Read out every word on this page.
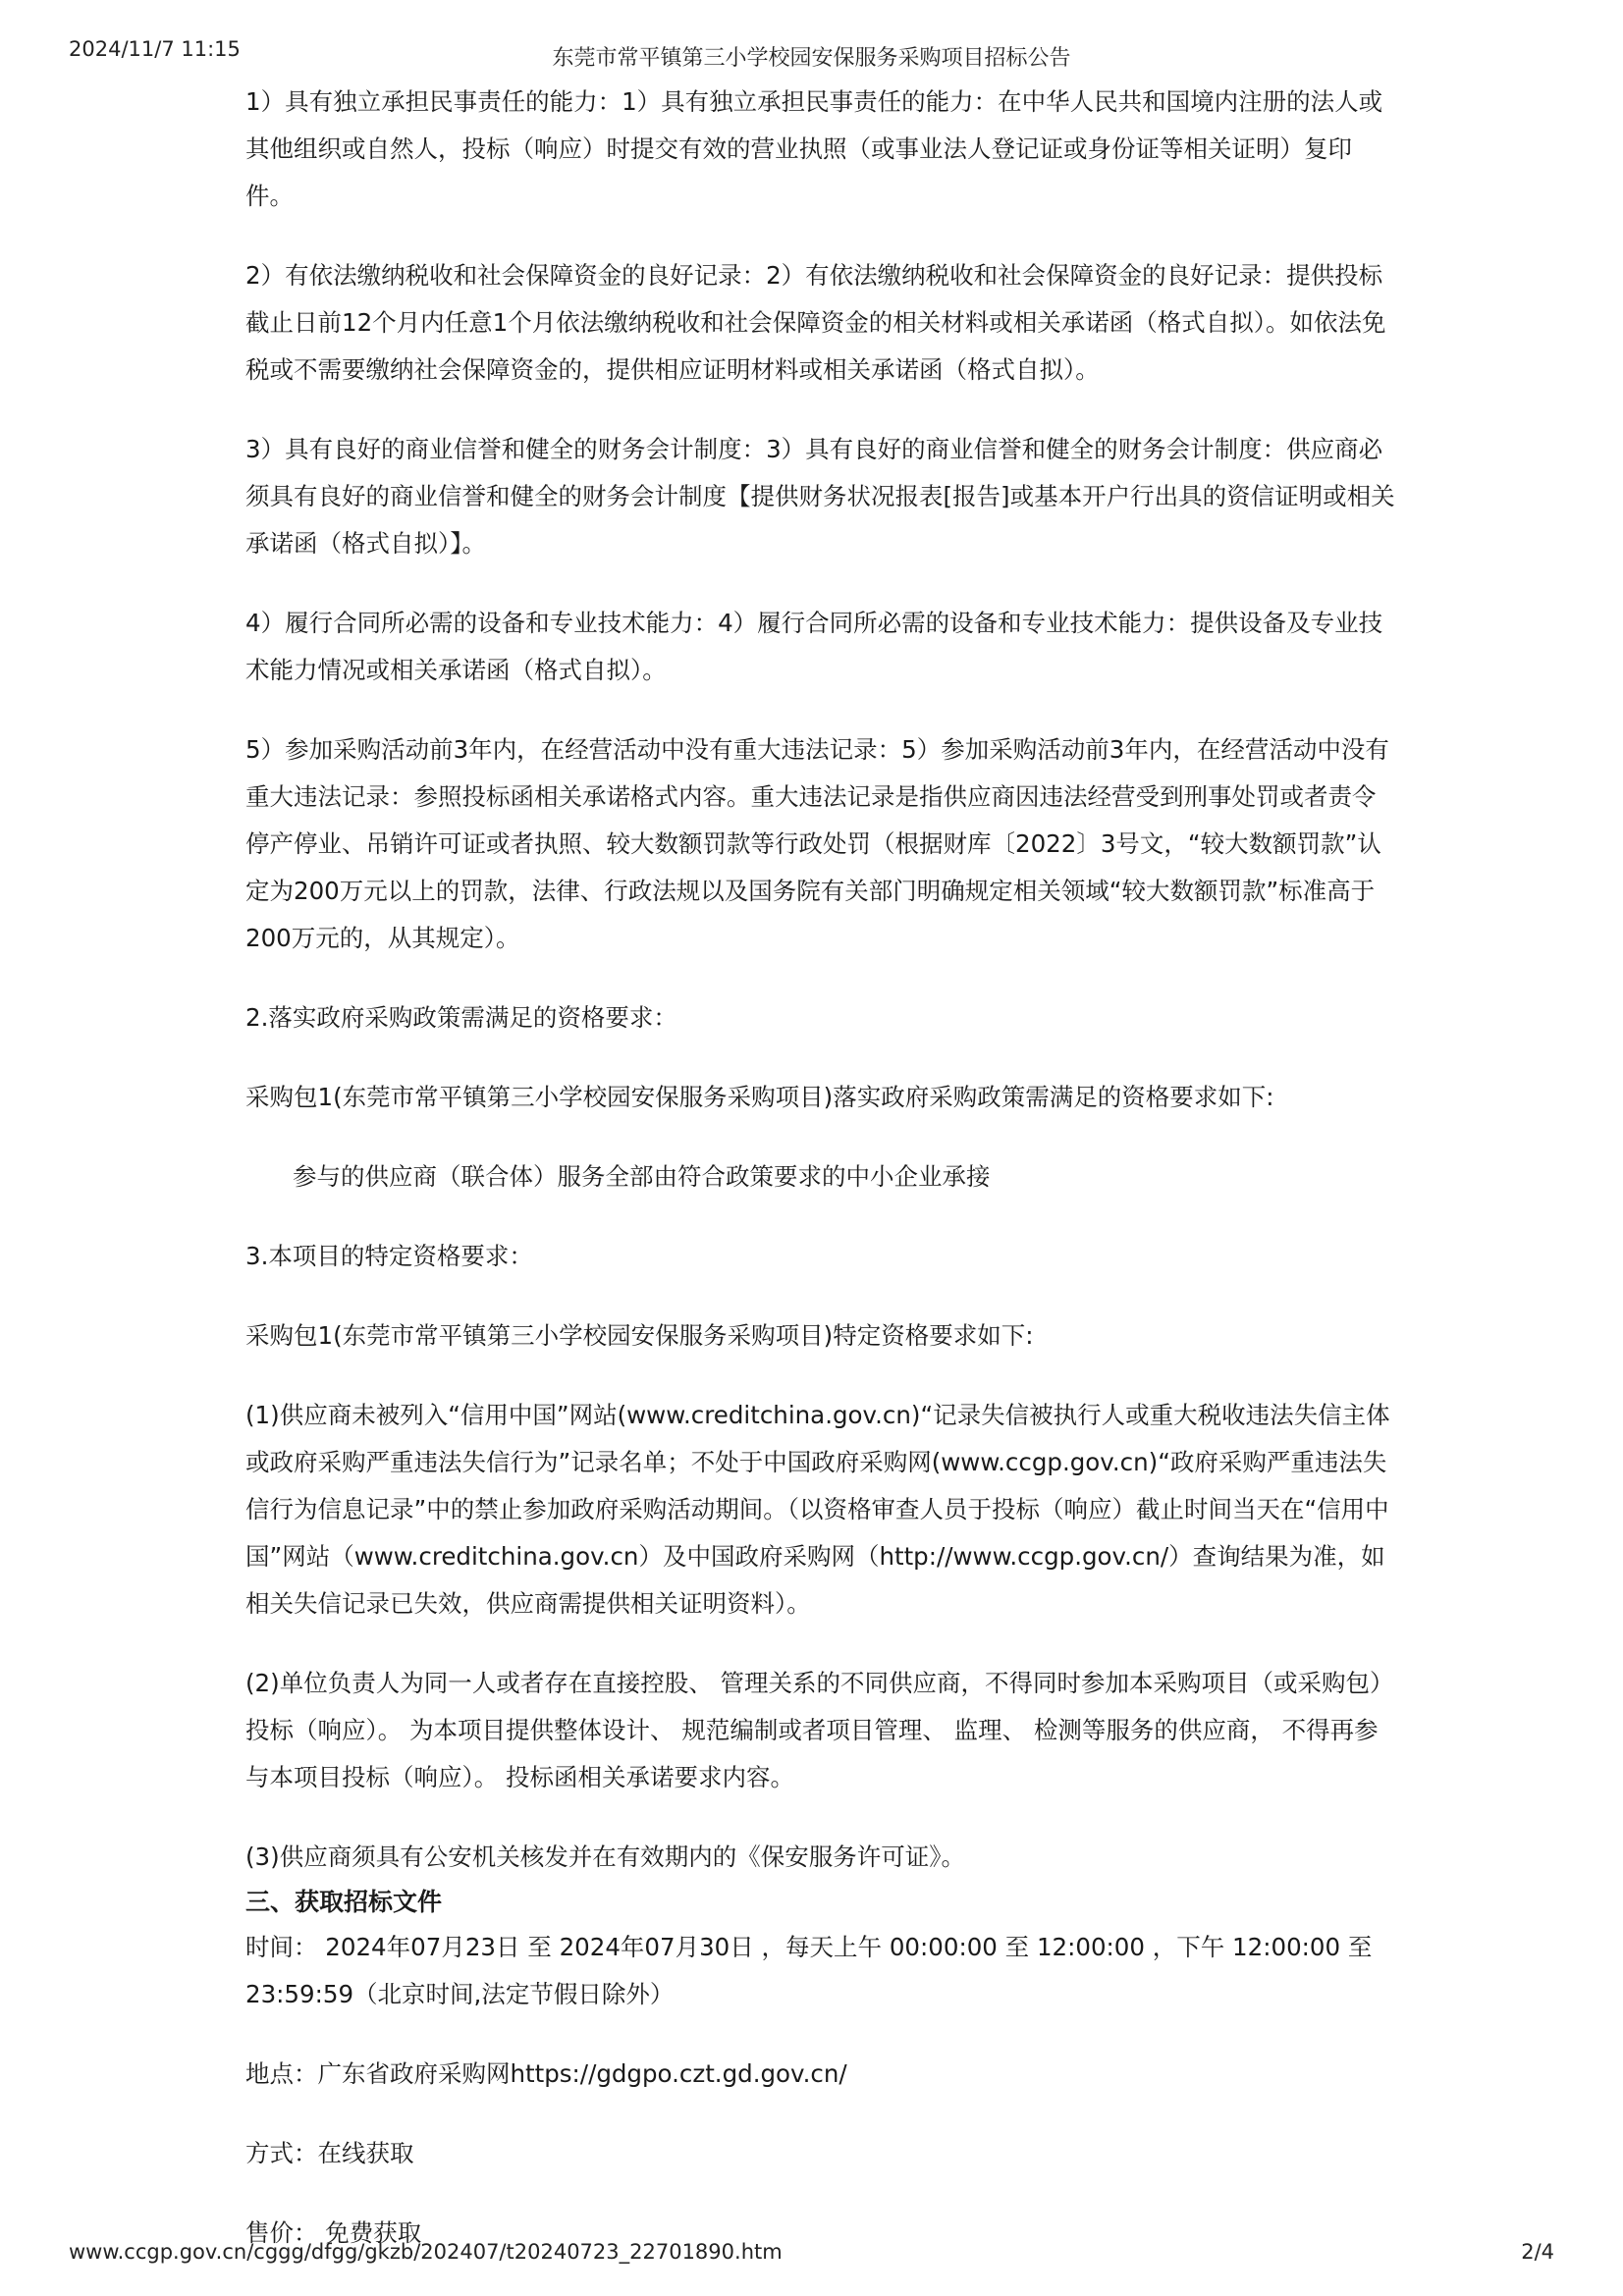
2024/11/7 11:15	东莞市常平镇第三小学校园安保服务采购项目招标公告

1）具有独立承担民事责任的能力：1）具有独立承担民事责任的能力：在中华人民共和国境内注册的法人或其他组织或自然人，投标（响应）时提交有效的营业执照（或事业法人登记证或身份证等相关证明）复印件。

2）有依法缴纳税收和社会保障资金的良好记录：2）有依法缴纳税收和社会保障资金的良好记录：提供投标截止日前12个月内任意1个月依法缴纳税收和社会保障资金的相关材料或相关承诺函（格式自拟）。如依法免税或不需要缴纳社会保障资金的，提供相应证明材料或相关承诺函（格式自拟）。

3）具有良好的商业信誉和健全的财务会计制度：3）具有良好的商业信誉和健全的财务会计制度：供应商必须具有良好的商业信誉和健全的财务会计制度【提供财务状况报表[报告]或基本开户行出具的资信证明或相关承诺函（格式自拟）】。

4）履行合同所必需的设备和专业技术能力：4）履行合同所必需的设备和专业技术能力：提供设备及专业技术能力情况或相关承诺函（格式自拟）。

5）参加采购活动前3年内，在经营活动中没有重大违法记录：5）参加采购活动前3年内，在经营活动中没有重大违法记录：参照投标函相关承诺格式内容。重大违法记录是指供应商因违法经营受到刑事处罚或者责令停产停业、吊销许可证或者执照、较大数额罚款等行政处罚（根据财库〔2022〕3号文，“较大数额罚款”认定为200万元以上的罚款，法律、行政法规以及国务院有关部门明确规定相关领域“较大数额罚款”标准高于200万元的，从其规定）。

2.落实政府采购政策需满足的资格要求：

采购包1(东莞市常平镇第三小学校园安保服务采购项目)落实政府采购政策需满足的资格要求如下:

参与的供应商（联合体）服务全部由符合政策要求的中小企业承接

3.本项目的特定资格要求：

采购包1(东莞市常平镇第三小学校园安保服务采购项目)特定资格要求如下:

(1)供应商未被列入“信用中国”网站(www.creditchina.gov.cn)“记录失信被执行人或重大税收违法失信主体或政府采购严重违法失信行为”记录名单；不处于中国政府采购网(www.ccgp.gov.cn)“政府采购严重违法失信行为信息记录”中的禁止参加政府采购活动期间。（以资格审查人员于投标（响应）截止时间当天在“信用中国”网站（www.creditchina.gov.cn）及中国政府采购网（http://www.ccgp.gov.cn/）查询结果为准，如相关失信记录已失效，供应商需提供相关证明资料）。

(2)单位负责人为同一人或者存在直接控股、 管理关系的不同供应商，不得同时参加本采购项目（或采购包）投标（响应）。 为本项目提供整体设计、 规范编制或者项目管理、 监理、 检测等服务的供应商， 不得再参与本项目投标（响应）。 投标函相关承诺要求内容。

(3)供应商须具有公安机关核发并在有效期内的《保安服务许可证》。

三、获取招标文件

时间： 2024年07月23日 至 2024年07月30日 ，每天上午 00:00:00 至 12:00:00 ，下午 12:00:00 至 23:59:59（北京时间,法定节假日除外）

地点：广东省政府采购网https://gdgpo.czt.gd.gov.cn/

方式：在线获取

售价： 免费获取

www.ccgp.gov.cn/cggg/dfgg/gkzb/202407/t20240723_22701890.htm	2/4
